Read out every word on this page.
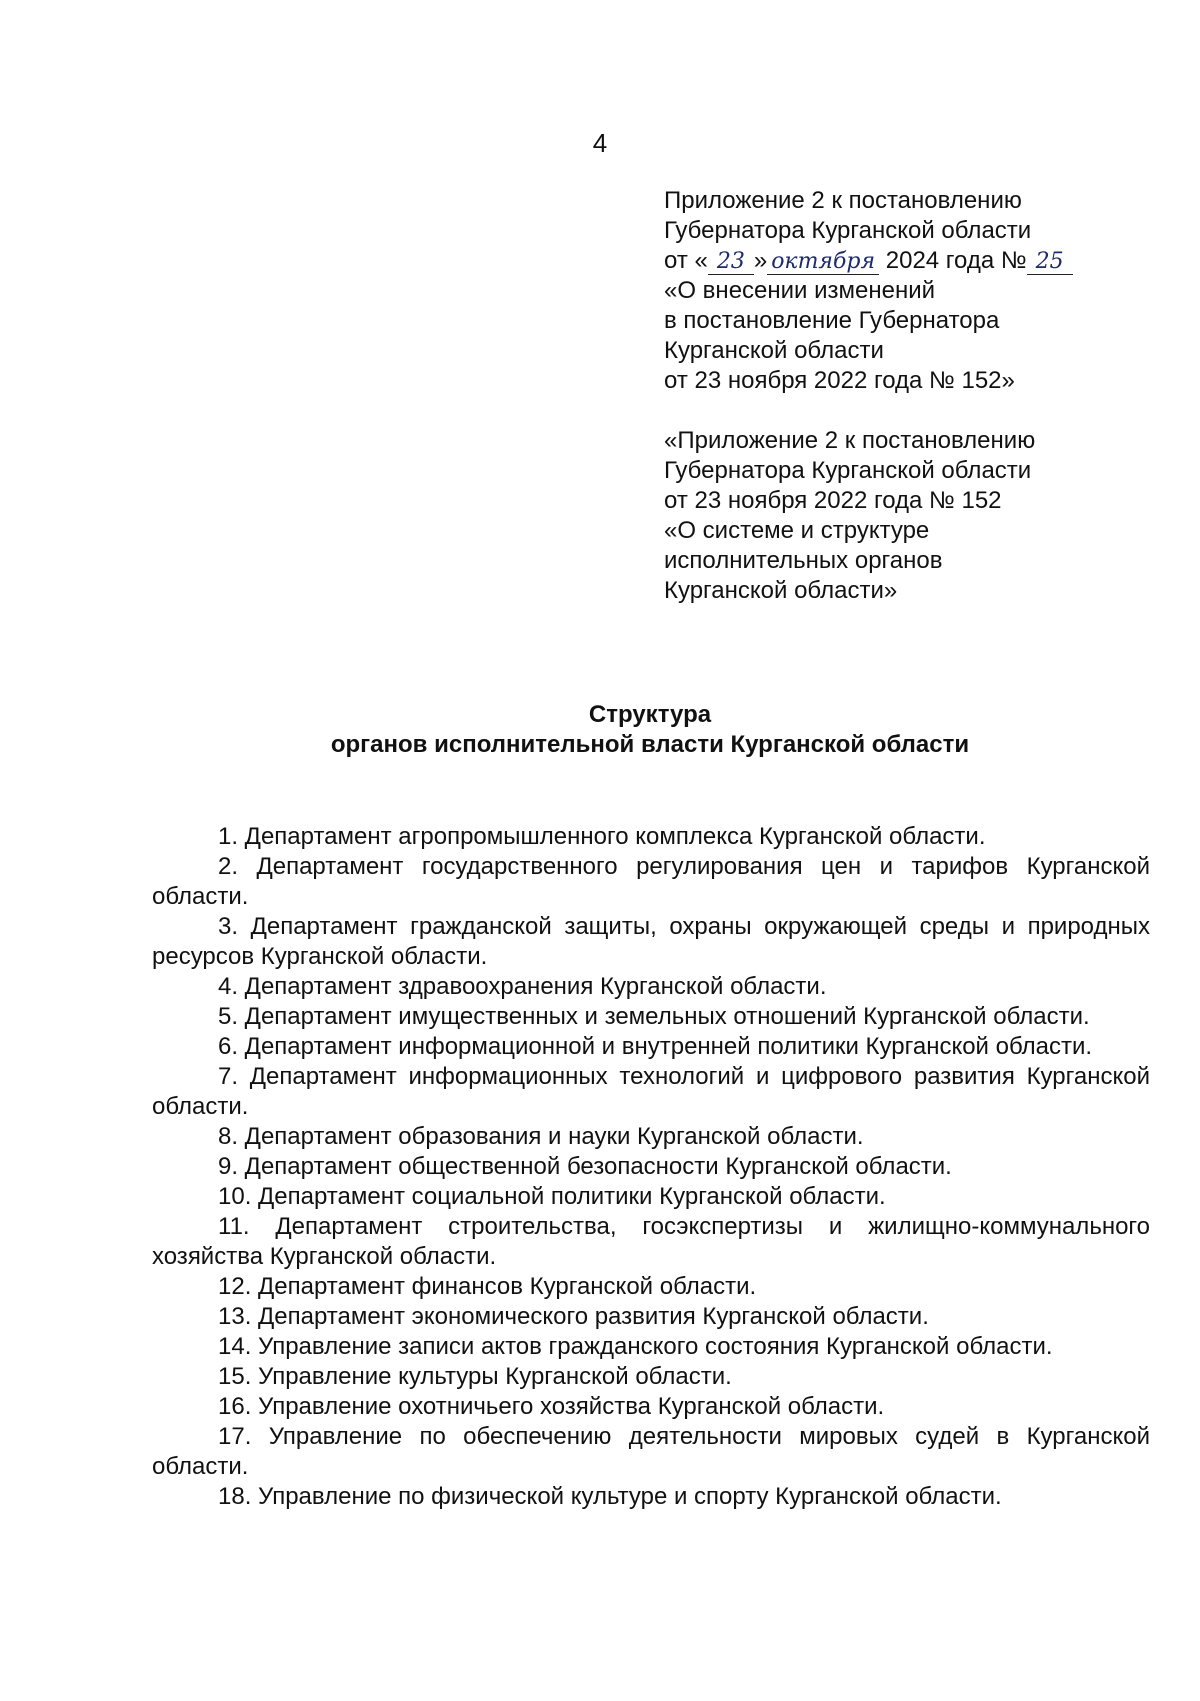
4
Приложение 2 к постановлению
Губернатора Курганской области
от « 23 » октября 2024 года № 25
«О внесении изменений
в постановление Губернатора
Курганской области
от 23 ноября 2022 года № 152»
«Приложение 2 к постановлению
Губернатора Курганской области
от 23 ноября 2022 года № 152
«О системе и структуре
исполнительных органов
Курганской области»
Структура
органов исполнительной власти Курганской области

1. Департамент агропромышленного комплекса Курганской области.

2. Департамент государственного регулирования цен и тарифов Курганской области.

3. Департамент гражданской защиты, охраны окружающей среды и природных ресурсов Курганской области.

4. Департамент здравоохранения Курганской области.

5. Департамент имущественных и земельных отношений Курганской области.

6. Департамент информационной и внутренней политики Курганской области.

7. Департамент информационных технологий и цифрового развития Курганской области.

8. Департамент образования и науки Курганской области.

9. Департамент общественной безопасности Курганской области.

10. Департамент социальной политики Курганской области.

11. Департамент строительства, госэкспертизы и жилищно-коммунального хозяйства Курганской области.

12. Департамент финансов Курганской области.

13. Департамент экономического развития Курганской области.

14. Управление записи актов гражданского состояния Курганской области.

15. Управление культуры Курганской области.

16. Управление охотничьего хозяйства Курганской области.

17. Управление по обеспечению деятельности мировых судей в Курганской области.

18. Управление по физической культуре и спорту Курганской области.
